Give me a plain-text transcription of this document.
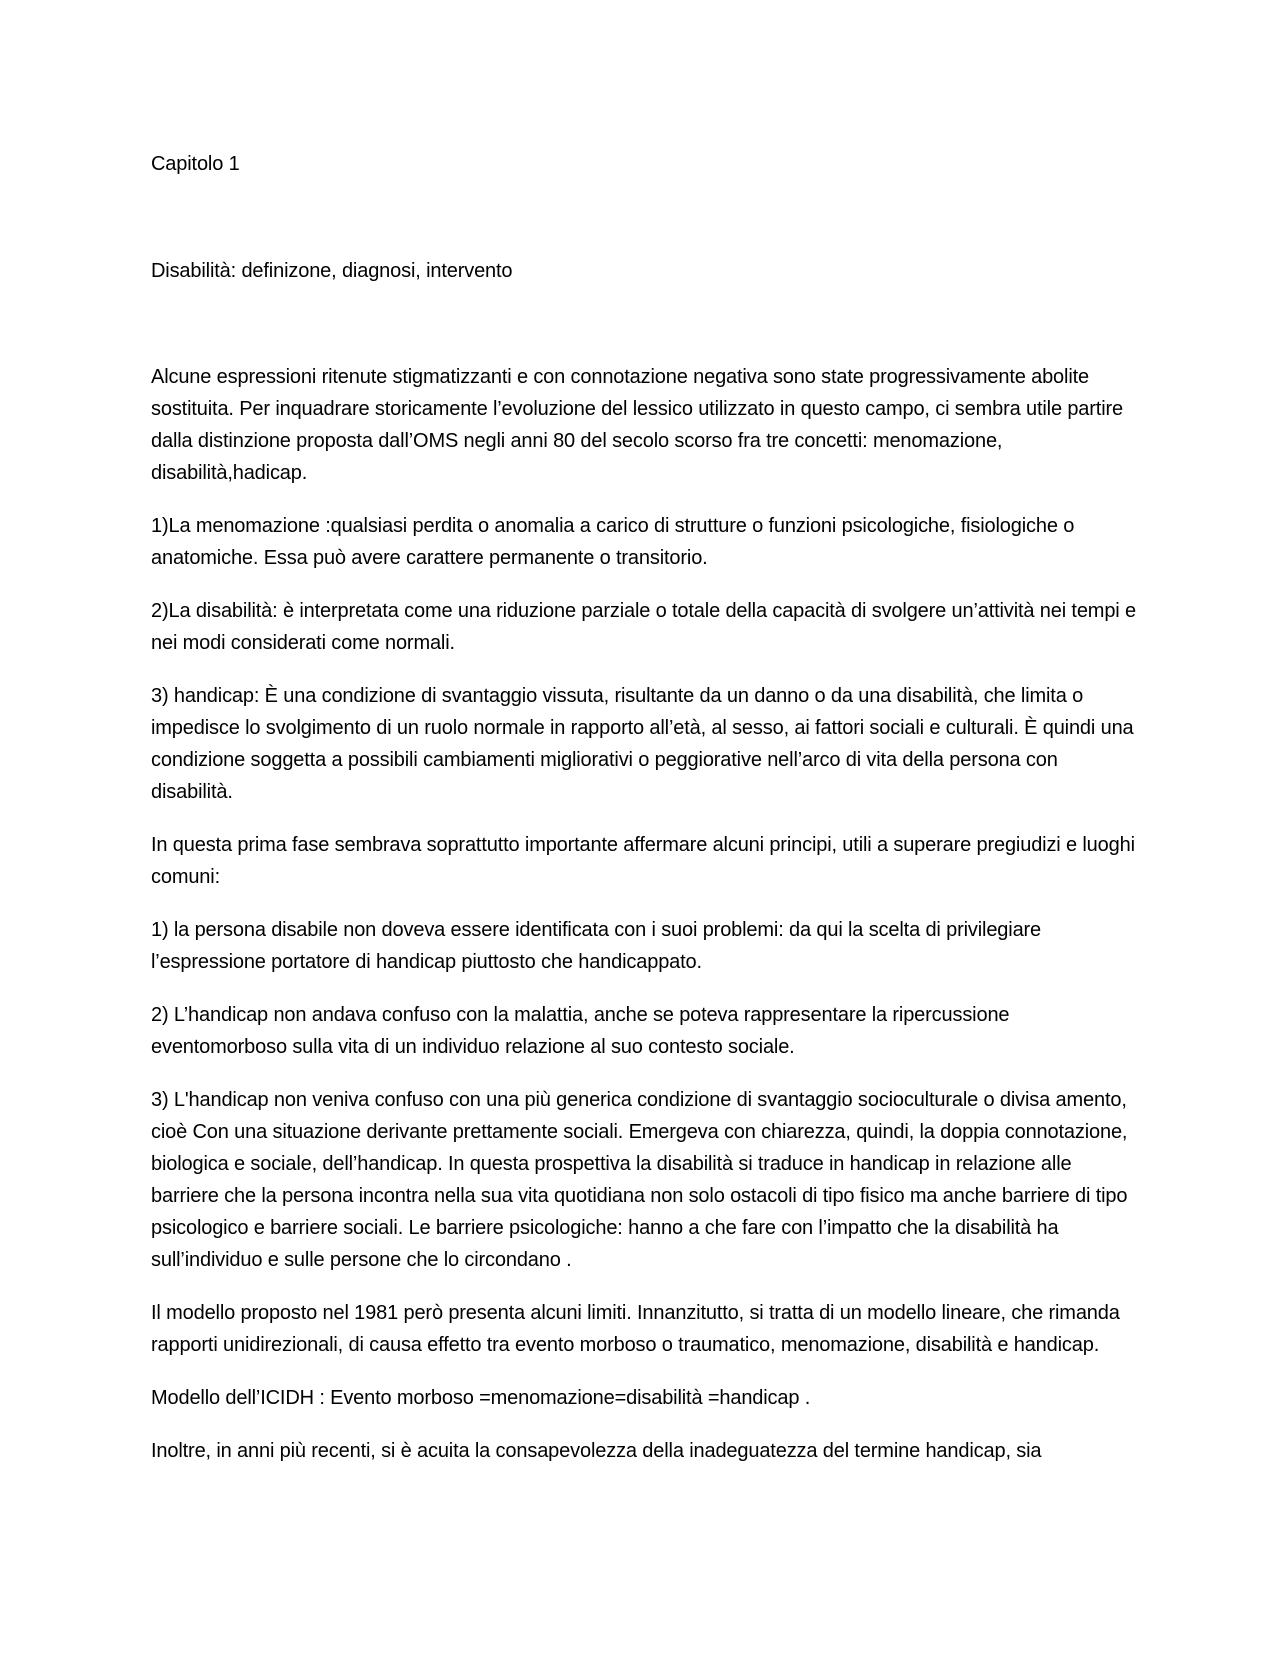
Capitolo 1
Disabilità: definizone, diagnosi, intervento

Alcune espressioni ritenute stigmatizzanti e con connotazione negativa sono state progressivamente abolite sostituita. Per inquadrare storicamente l’evoluzione del lessico utilizzato in questo campo, ci sembra utile partire dalla distinzione proposta dall’OMS negli anni 80 del secolo scorso fra tre concetti: menomazione, disabilità,hadicap.

1)La menomazione :qualsiasi perdita o anomalia a carico di strutture o funzioni psicologiche, fisiologiche o anatomiche. Essa può avere carattere permanente o transitorio.

2)La disabilità: è interpretata come una riduzione parziale o totale della capacità di svolgere un’attività nei tempi e nei modi considerati come normali.

3) handicap: È una condizione di svantaggio vissuta, risultante da un danno o da una disabilità, che limita o impedisce lo svolgimento di un ruolo normale in rapporto all’età, al sesso, ai fattori sociali e culturali. È quindi una condizione soggetta a possibili cambiamenti migliorativi o peggiorative nell’arco di vita della persona con disabilità.

In questa prima fase sembrava soprattutto importante affermare alcuni principi, utili a superare pregiudizi e luoghi comuni:

1) la persona disabile non doveva essere identificata con i suoi problemi: da qui la scelta di privilegiare l’espressione portatore di handicap piuttosto che handicappato.

2) L’handicap non andava confuso con la malattia, anche se poteva rappresentare la ripercussione eventomorboso sulla vita di un individuo relazione al suo contesto sociale.

3) L'handicap non veniva confuso con una più generica condizione di svantaggio socioculturale o divisa amento, cioè Con una situazione derivante prettamente sociali. Emergeva con chiarezza, quindi, la doppia connotazione, biologica e sociale, dell’handicap. In questa prospettiva la disabilità si traduce in handicap in relazione alle barriere che la persona incontra nella sua vita quotidiana non solo ostacoli di tipo fisico ma anche barriere di tipo psicologico e barriere sociali. Le barriere psicologiche: hanno a che fare con l’impatto che la disabilità ha sull’individuo e sulle persone che lo circondano .

Il modello proposto nel 1981 però presenta alcuni limiti. Innanzitutto, si tratta di un modello lineare, che rimanda rapporti unidirezionali, di causa effetto tra evento morboso o traumatico, menomazione, disabilità e handicap.

Modello dell’ICIDH : Evento morboso =menomazione=disabilità =handicap .

Inoltre, in anni più recenti, si è acuita la consapevolezza della inadeguatezza del termine handicap, sia
